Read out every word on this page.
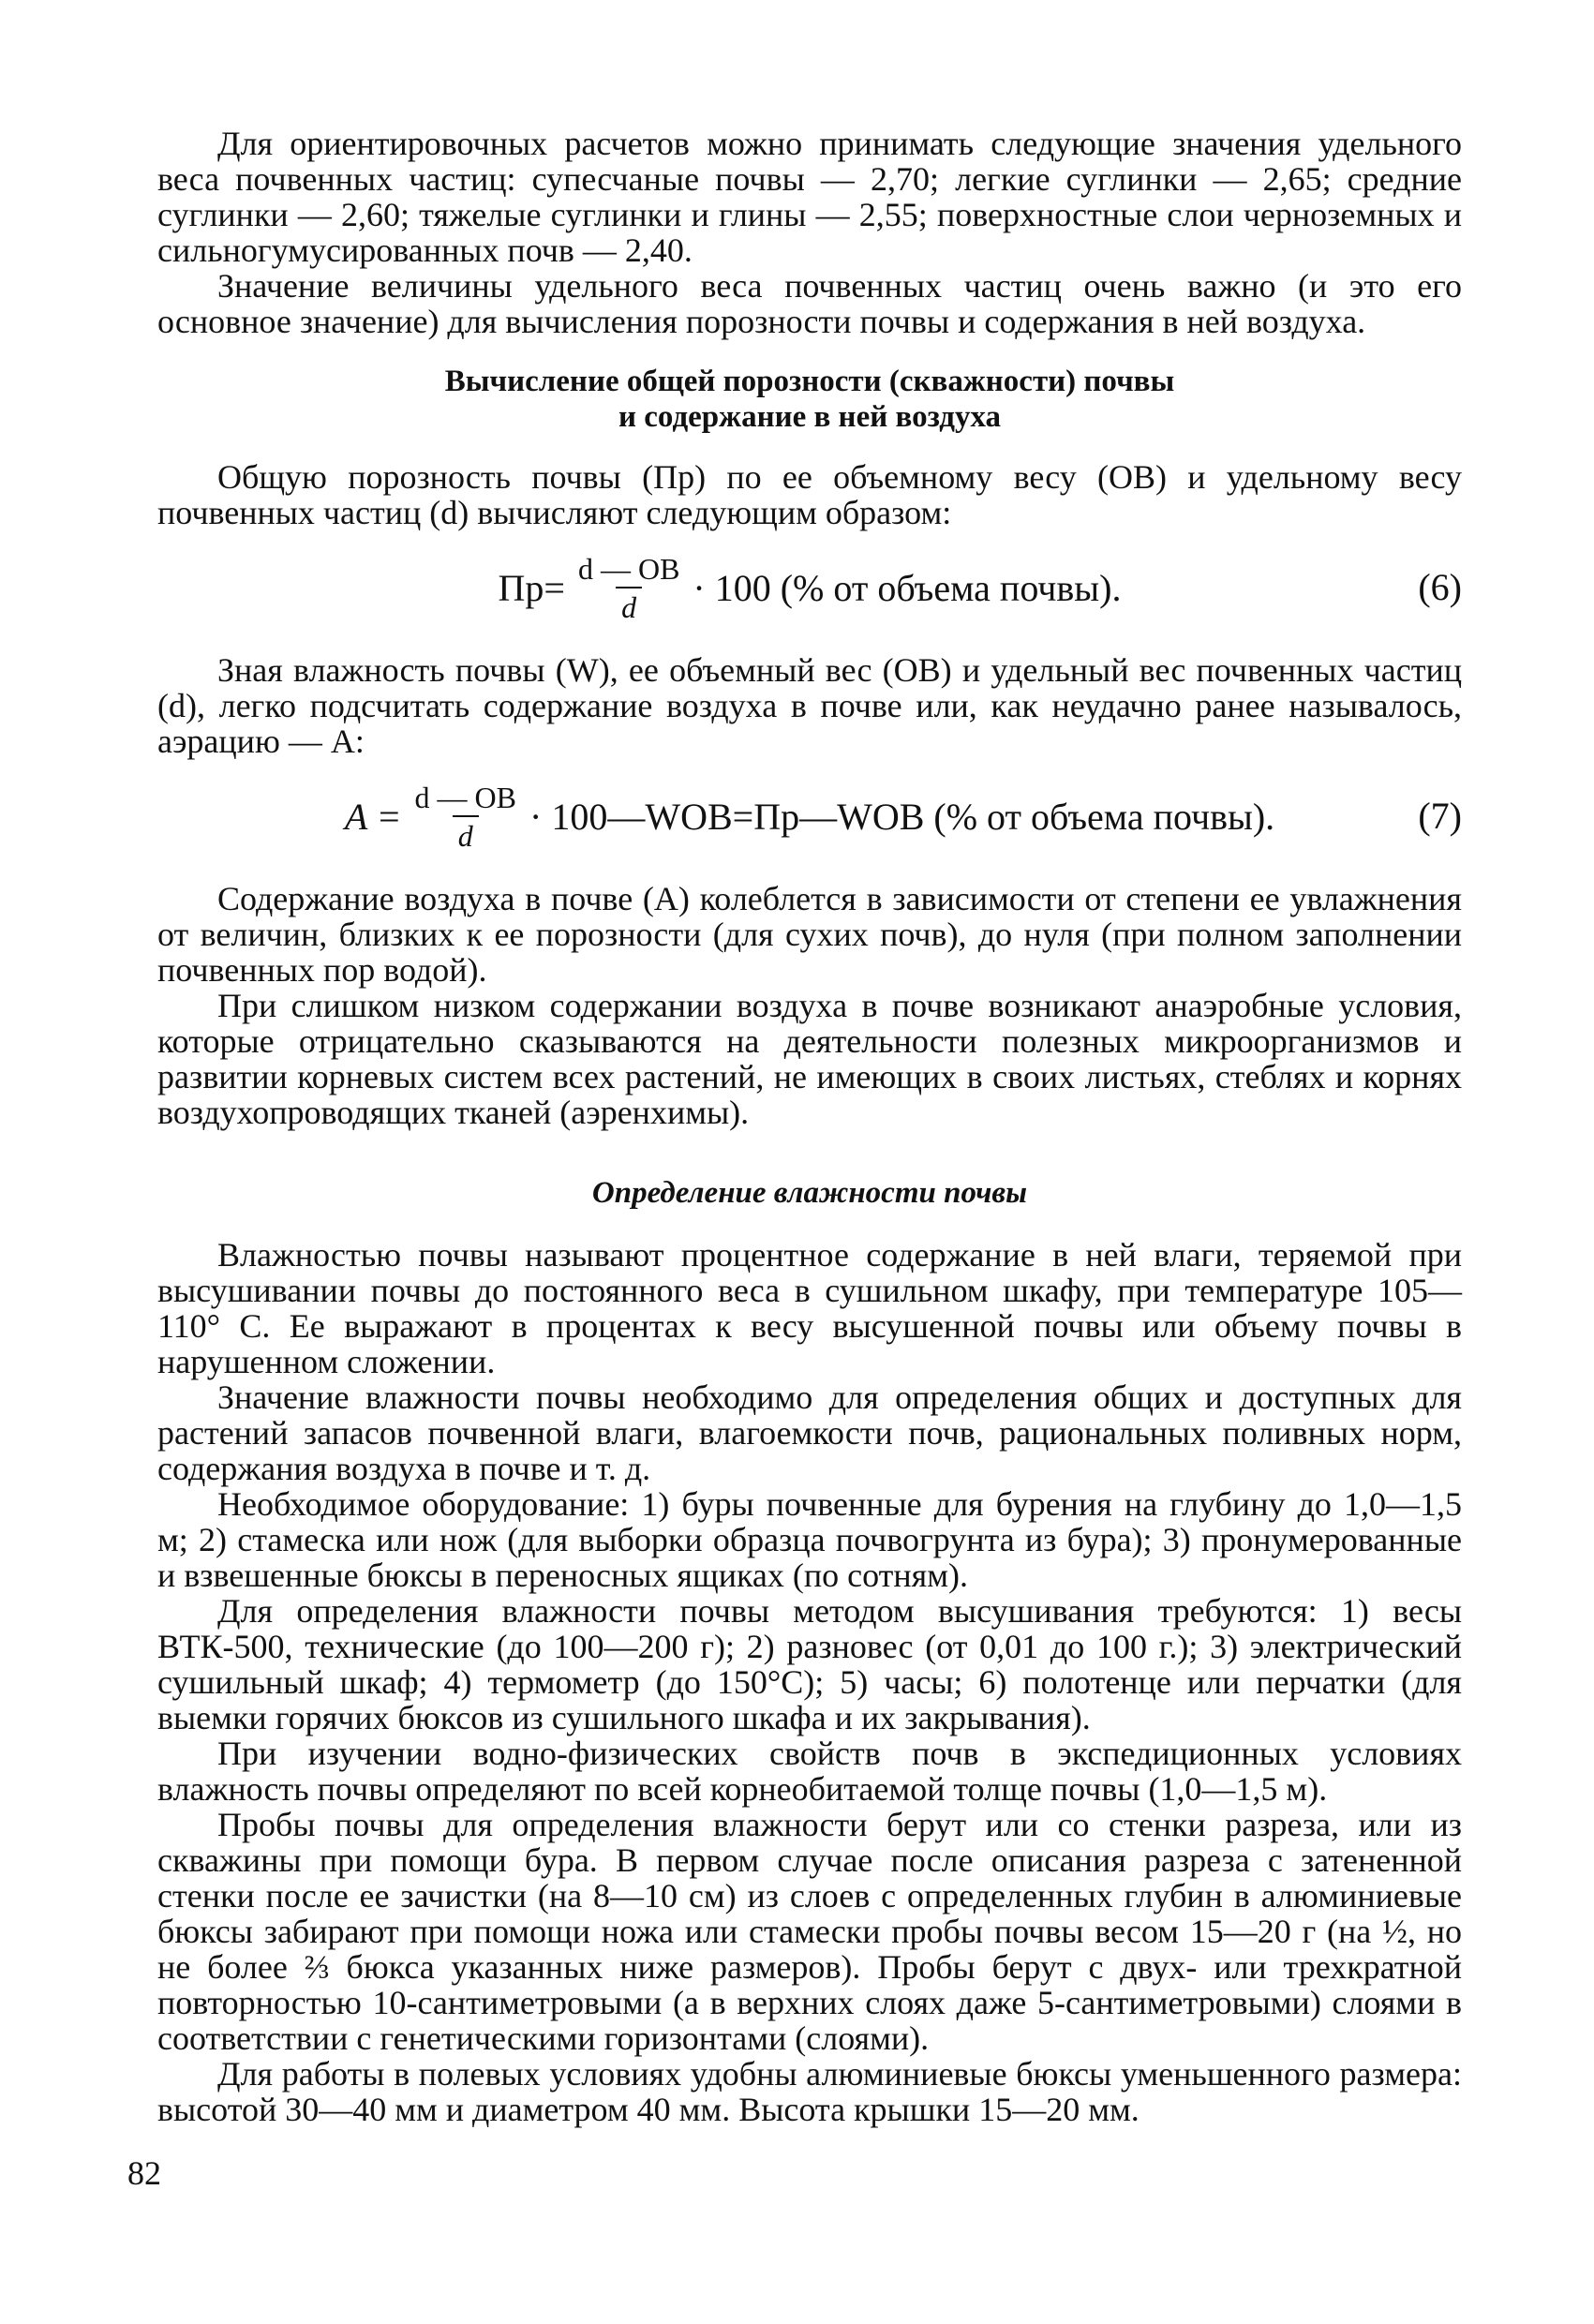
Для ориентировочных расчетов можно принимать следующие значения удельного веса почвенных частиц: супесчаные почвы — 2,70; легкие суглинки — 2,65; средние суглинки — 2,60; тяжелые суглинки и глины — 2,55; поверхностные слои черноземных и сильногумусированных почв — 2,40.

Значение величины удельного веса почвенных частиц очень важно (и это его основное значение) для вычисления порозности почвы и содержания в ней воздуха.

Вычисление общей порозности (скважности) почвы
и содержание в ней воздуха

Общую порозность почвы (Пр) по ее объемному весу (ОВ) и удельному весу почвенных частиц (d) вычисляют следующим образом:

$Пр= \frac{d — ОВ}{d} \cdot 100$ (% от объема почвы).	(6)

Зная влажность почвы (W), ее объемный вес (ОВ) и удельный вес почвенных частиц (d), легко подсчитать содержание воздуха в почве или, как неудачно ранее называлось, аэрацию — А:

$A = \frac{d — ОВ}{d}$ · 100—WОВ=Пр—WОВ (% от объема почвы).	(7)

Содержание воздуха в почве (А) колеблется в зависимости от степени ее увлажнения от величин, близких к ее порозности (для сухих почв), до нуля (при полном заполнении почвенных пор водой).

При слишком низком содержании воздуха в почве возникают анаэробные условия, которые отрицательно сказываются на деятельности полезных микроорганизмов и развитии корневых систем всех растений, не имеющих в своих листьях, стеблях и корнях воздухопроводящих тканей (аэренхимы).

Определение влажности почвы

Влажностью почвы называют процентное содержание в ней влаги, теряемой при высушивании почвы до постоянного веса в сушильном шкафу, при температуре 105—110° С. Ее выражают в процентах к весу высушенной почвы или объему почвы в нарушенном сложении.

Значение влажности почвы необходимо для определения общих и доступных для растений запасов почвенной влаги, влагоемкости почв, рациональных поливных норм, содержания воздуха в почве и т. д.

Необходимое оборудование: 1) буры почвенные для бурения на глубину до 1,0—1,5 м; 2) стамеска или нож (для выборки образца почвогрунта из бура); 3) пронумерованные и взвешенные бюксы в переносных ящиках (по сотням).

Для определения влажности почвы методом высушивания требуются: 1) весы ВТК-500, технические (до 100—200 г); 2) разновес (от 0,01 до 100 г.); 3) электрический сушильный шкаф; 4) термометр (до 150°С); 5) часы; 6) полотенце или перчатки (для выемки горячих бюксов из сушильного шкафа и их закрывания).

При изучении водно-физических свойств почв в экспедиционных условиях влажность почвы определяют по всей корнеобитаемой толще почвы (1,0—1,5 м).

Пробы почвы для определения влажности берут или со стенки разреза, или из скважины при помощи бура. В первом случае после описания разреза с затененной стенки после ее зачистки (на 8—10 см) из слоев с определенных глубин в алюминиевые бюксы забирают при помощи ножа или стамески пробы почвы весом 15—20 г (на ½, но не более ⅔ бюкса указанных ниже размеров). Пробы берут с двух- или трехкратной повторностью 10-сантиметровыми (а в верхних слоях даже 5-сантиметровыми) слоями в соответствии с генетическими горизонтами (слоями).

Для работы в полевых условиях удобны алюминиевые бюксы уменьшенного размера: высотой 30—40 мм и диаметром 40 мм. Высота крышки 15—20 мм.

82
